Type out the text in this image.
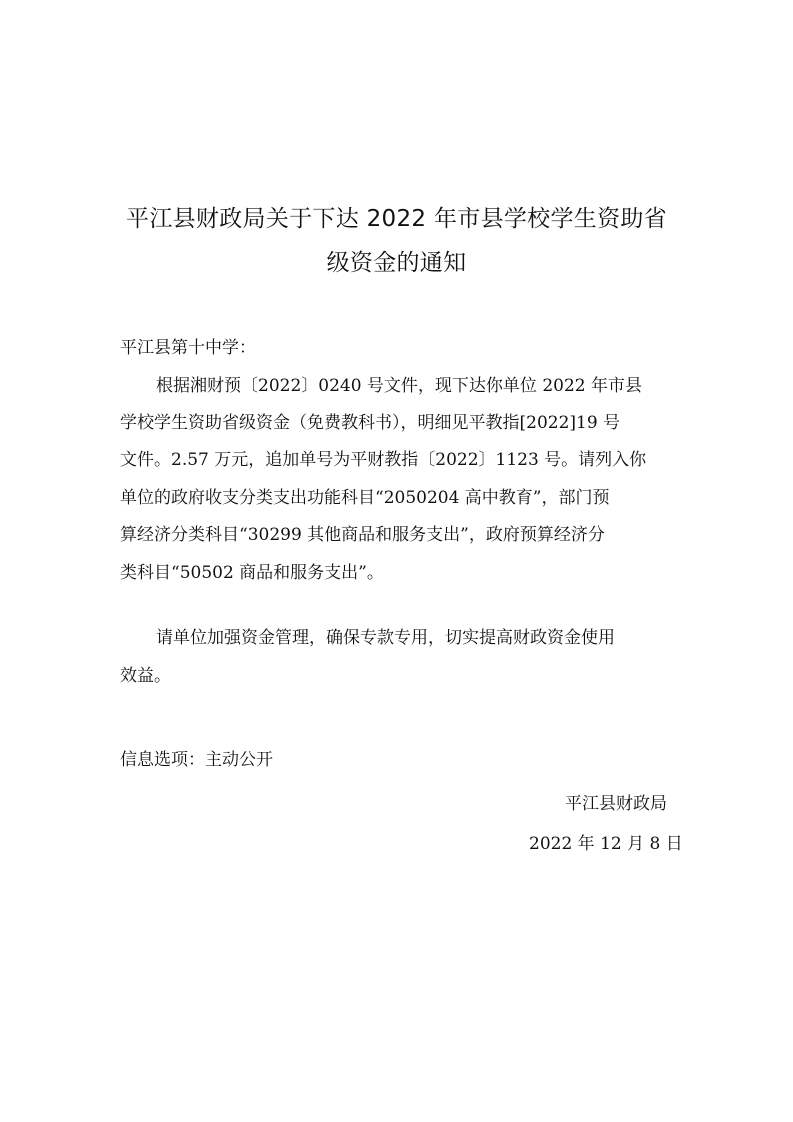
平江县财政局关于下达 2022 年市县学校学生资助省
级资金的通知
平江县第十中学：
根据湘财预〔2022〕0240 号文件，现下达你单位 2022 年市县
学校学生资助省级资金（免费教科书），明细见平教指[2022]19 号
文件。2.57 万元，追加单号为平财教指〔2022〕1123 号。请列入你
单位的政府收支分类支出功能科目“2050204 高中教育”，部门预
算经济分类科目“30299 其他商品和服务支出”，政府预算经济分
类科目“50502 商品和服务支出”。
请单位加强资金管理，确保专款专用，切实提高财政资金使用
效益。
信息选项：主动公开
平江县财政局
2022 年 12 月 8 日
